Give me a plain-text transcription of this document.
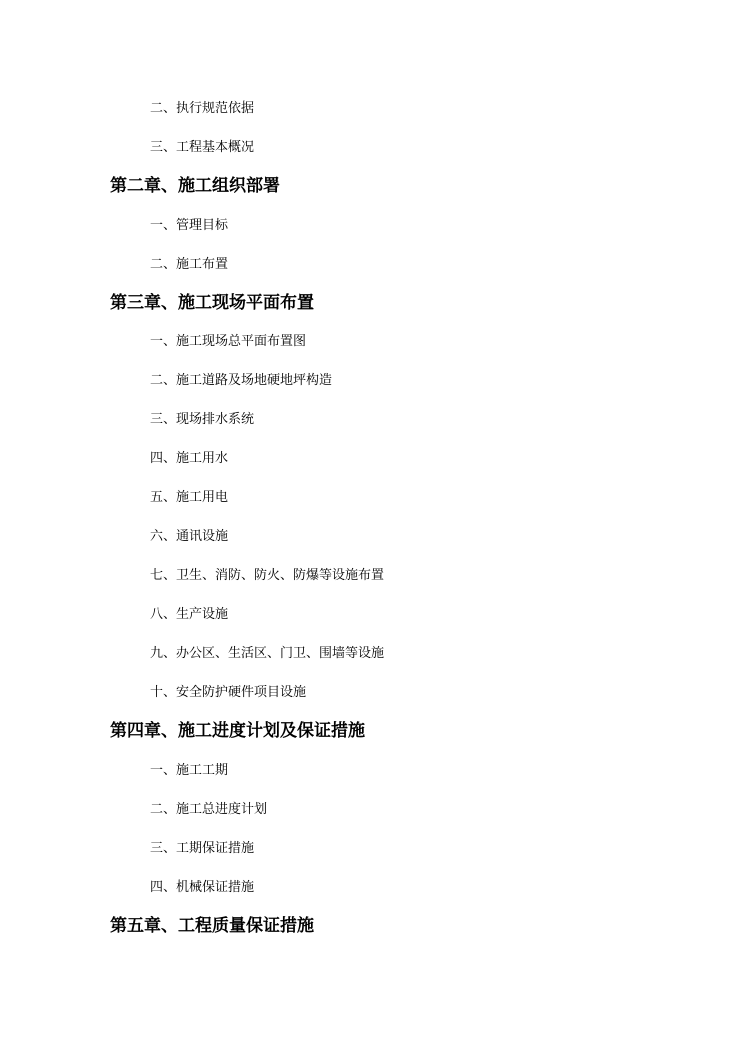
二、执行规范依据
三、工程基本概况
第二章、施工组织部署
一、管理目标
二、施工布置
第三章、施工现场平面布置
一、施工现场总平面布置图
二、施工道路及场地硬地坪构造
三、现场排水系统
四、施工用水
五、施工用电
六、通讯设施
七、卫生、消防、防火、防爆等设施布置
八、生产设施
九、办公区、生活区、门卫、围墙等设施
十、安全防护硬件项目设施
第四章、施工进度计划及保证措施
一、施工工期
二、施工总进度计划
三、工期保证措施
四、机械保证措施
第五章、工程质量保证措施
